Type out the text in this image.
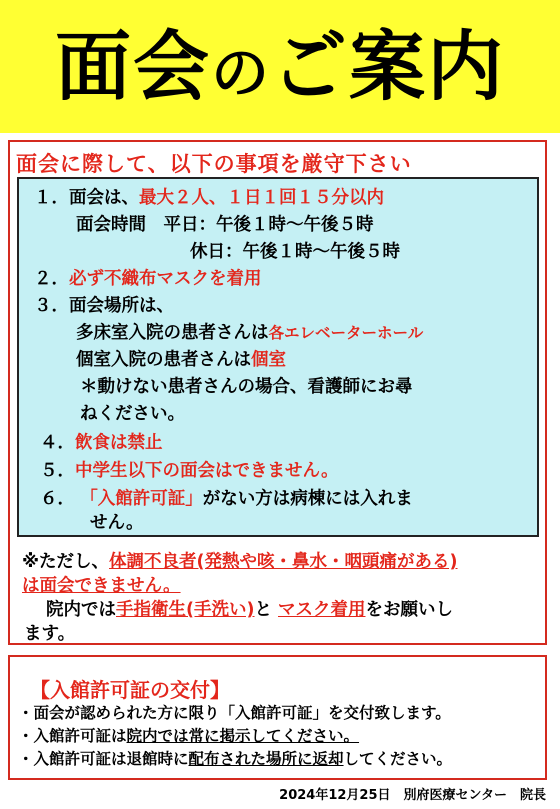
面会のご案内
面会に際して、以下の事項を厳守下さい
１．面会は、最大２人、１日１回１５分以内
面会時間　平日：午後１時～午後５時
休日：午後１時～午後５時
２．必ず不織布マスクを着用
３．面会場所は、
多床室入院の患者さんは各エレベーターホール
個室入院の患者さんは個室
＊動けない患者さんの場合、看護師にお尋
ねください。
４．飲食は禁止
５．中学生以下の面会はできません。
６． 「入館許可証」がない方は病棟には入れま
せん。
※ただし、体調不良者(発熱や咳・鼻水・咽頭痛がある)
は面会できません。
院内では手指衛生(手洗い)と マスク着用をお願いし
ます。
【入館許可証の交付】
・面会が認められた方に限り「入館許可証」を交付致します。
・入館許可証は院内では常に掲示してください。
・入館許可証は退館時に配布された場所に返却してください。
2024年12月25日　別府医療センター　院長
